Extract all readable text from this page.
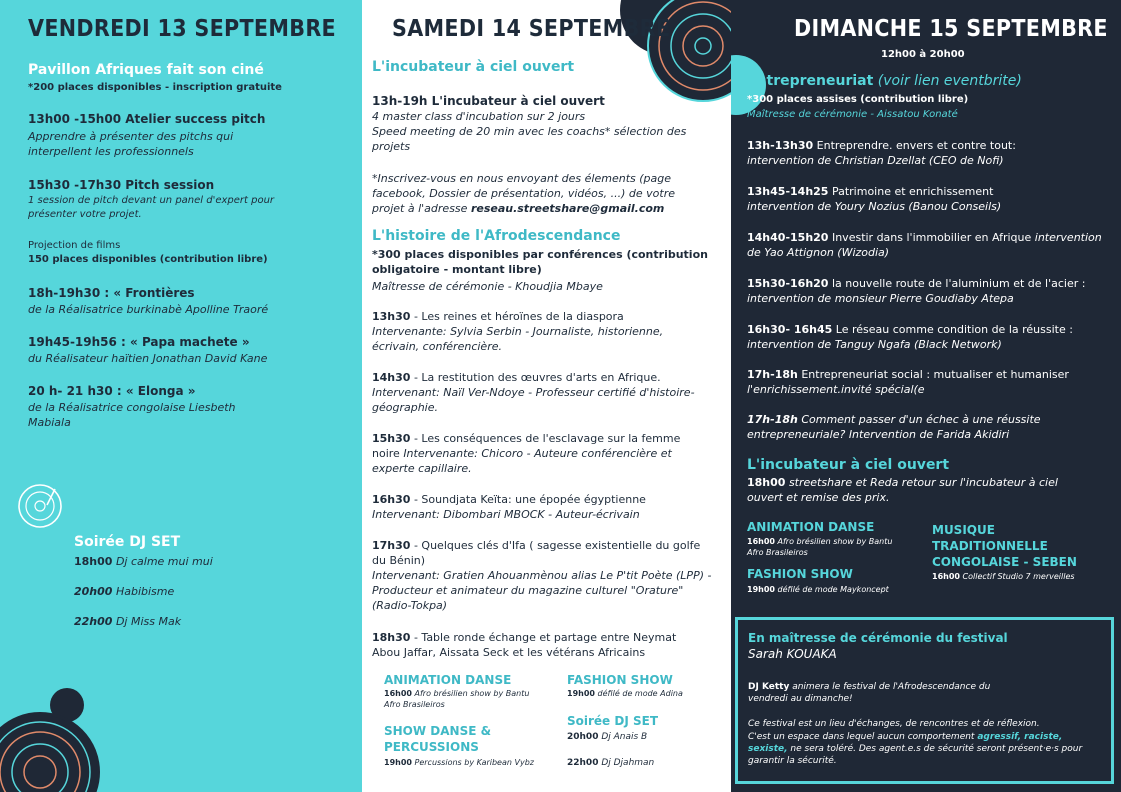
VENDREDI 13 SEPTEMBRE
Pavillon Afriques fait son ciné
*200 places disponibles - inscription gratuite
13h00 -15h00 Atelier success pitch
Apprendre à présenter des pitchs qui interpellent les professionnels
15h30 -17h30 Pitch session
1 session de pitch devant un panel d'expert pour présenter votre projet.
Projection de films
150 places disponibles (contribution libre)
18h-19h30 : « Frontières
de la Réalisatrice burkinabè Apolline Traoré
19h45-19h56 : « Papa machete »
du Réalisateur haïtien Jonathan David Kane
20 h- 21 h30 : « Elonga »
de la Réalisatrice congolaise Liesbeth Mabiala
Soirée DJ SET
18h00 Dj calme mui mui
20h00 Habibisme
22h00 Dj Miss Mak
SAMEDI 14 SEPTEMBRE
L'incubateur à ciel ouvert
13h-19h L'incubateur à ciel ouvert
4 master class d'incubation sur 2 jours
Speed meeting de 20 min avec les coachs* sélection des projets
*Inscrivez-vous en nous envoyant des élements (page facebook, Dossier de présentation, vidéos, ...) de votre projet à l'adresse reseau.streetshare@gmail.com
L'histoire de l'Afrodescendance
*300 places disponibles par conférences (contribution obligatoire - montant libre)
Maîtresse de cérémonie - Khoudjia Mbaye
13h30 - Les reines et héroïnes de la diaspora
Intervenante: Sylvia Serbin - Journaliste, historienne, écrivain, conférencière.
14h30 - La restitution des œuvres d'arts en Afrique.
Intervenant: Naïl Ver-Ndoye - Professeur certifié d'histoire-géographie.
15h30 - Les conséquences de l'esclavage sur la femme noire Intervenante: Chicoro - Auteure conférencière et experte capillaire.
16h30 - Soundjata Keïta: une épopée égyptienne
Intervenant: Dibombari MBOCK - Auteur-écrivain
17h30 - Quelques clés d'Ifa ( sagesse existentielle du golfe du Bénin)
Intervenant: Gratien Ahouanmènou alias Le P'tit Poète (LPP) - Producteur et animateur du magazine culturel "Orature" (Radio-Tokpa)
18h30 - Table ronde échange et partage entre Neymat Abou Jaffar, Aissata Seck et les vétérans Africains
ANIMATION DANSE
16h00 Afro brésilien show by Bantu Afro Brasileiros
SHOW DANSE & PERCUSSIONS
19h00 Percussions by Karibean Vybz
FASHION SHOW
19h00 défilé de mode Adina
Soirée DJ SET
20h00 Dj Anais B
22h00 Dj Djahman
DIMANCHE 15 SEPTEMBRE
12h00 à 20h00
Entrepreneuriat (voir lien eventbrite)
*300 places assises (contribution libre)
Maîtresse de cérémonie - Aissatou Konaté
13h-13h30 Entreprendre. envers et contre tout:
intervention de Christian Dzellat (CEO de Nofi)
13h45-14h25 Patrimoine et enrichissement
intervention de Youry Nozius (Banou Conseils)
14h40-15h20 Investir dans l'immobilier en Afrique intervention de Yao Attignon (Wizodia)
15h30-16h20 la nouvelle route de l'aluminium et de l'acier :
intervention de monsieur Pierre Goudiaby Atepa
16h30- 16h45 Le réseau comme condition de la réussite :
intervention de Tanguy Ngafa (Black Network)
17h-18h Entrepreneuriat social : mutualiser et humaniser
l'enrichissement.invité spécial(e
17h-18h Comment passer d'un échec à une réussite entrepreneuriale? Intervention de Farida Akidiri
L'incubateur à ciel ouvert
18h00 streetshare et Reda retour sur l'incubateur à ciel ouvert et remise des prix.
ANIMATION DANSE
16h00 Afro brésilien show by Bantu Afro Brasileiros
FASHION SHOW
19h00 défilé de mode Maykoncept
MUSIQUE TRADITIONNELLE CONGOLAISE - SEBEN
16h00 Collectif Studio 7 merveilles
En maîtresse de cérémonie du festival
Sarah KOUAKA
DJ Ketty animera le festival de l'Afrodescendance du vendredi au dimanche!
Ce festival est un lieu d'échanges, de rencontres et de réflexion.
C'est un espace dans lequel aucun comportement agressif, raciste, sexiste, ne sera toléré. Des agent.e.s de sécurité seront présent·e·s pour garantir la sécurité.
